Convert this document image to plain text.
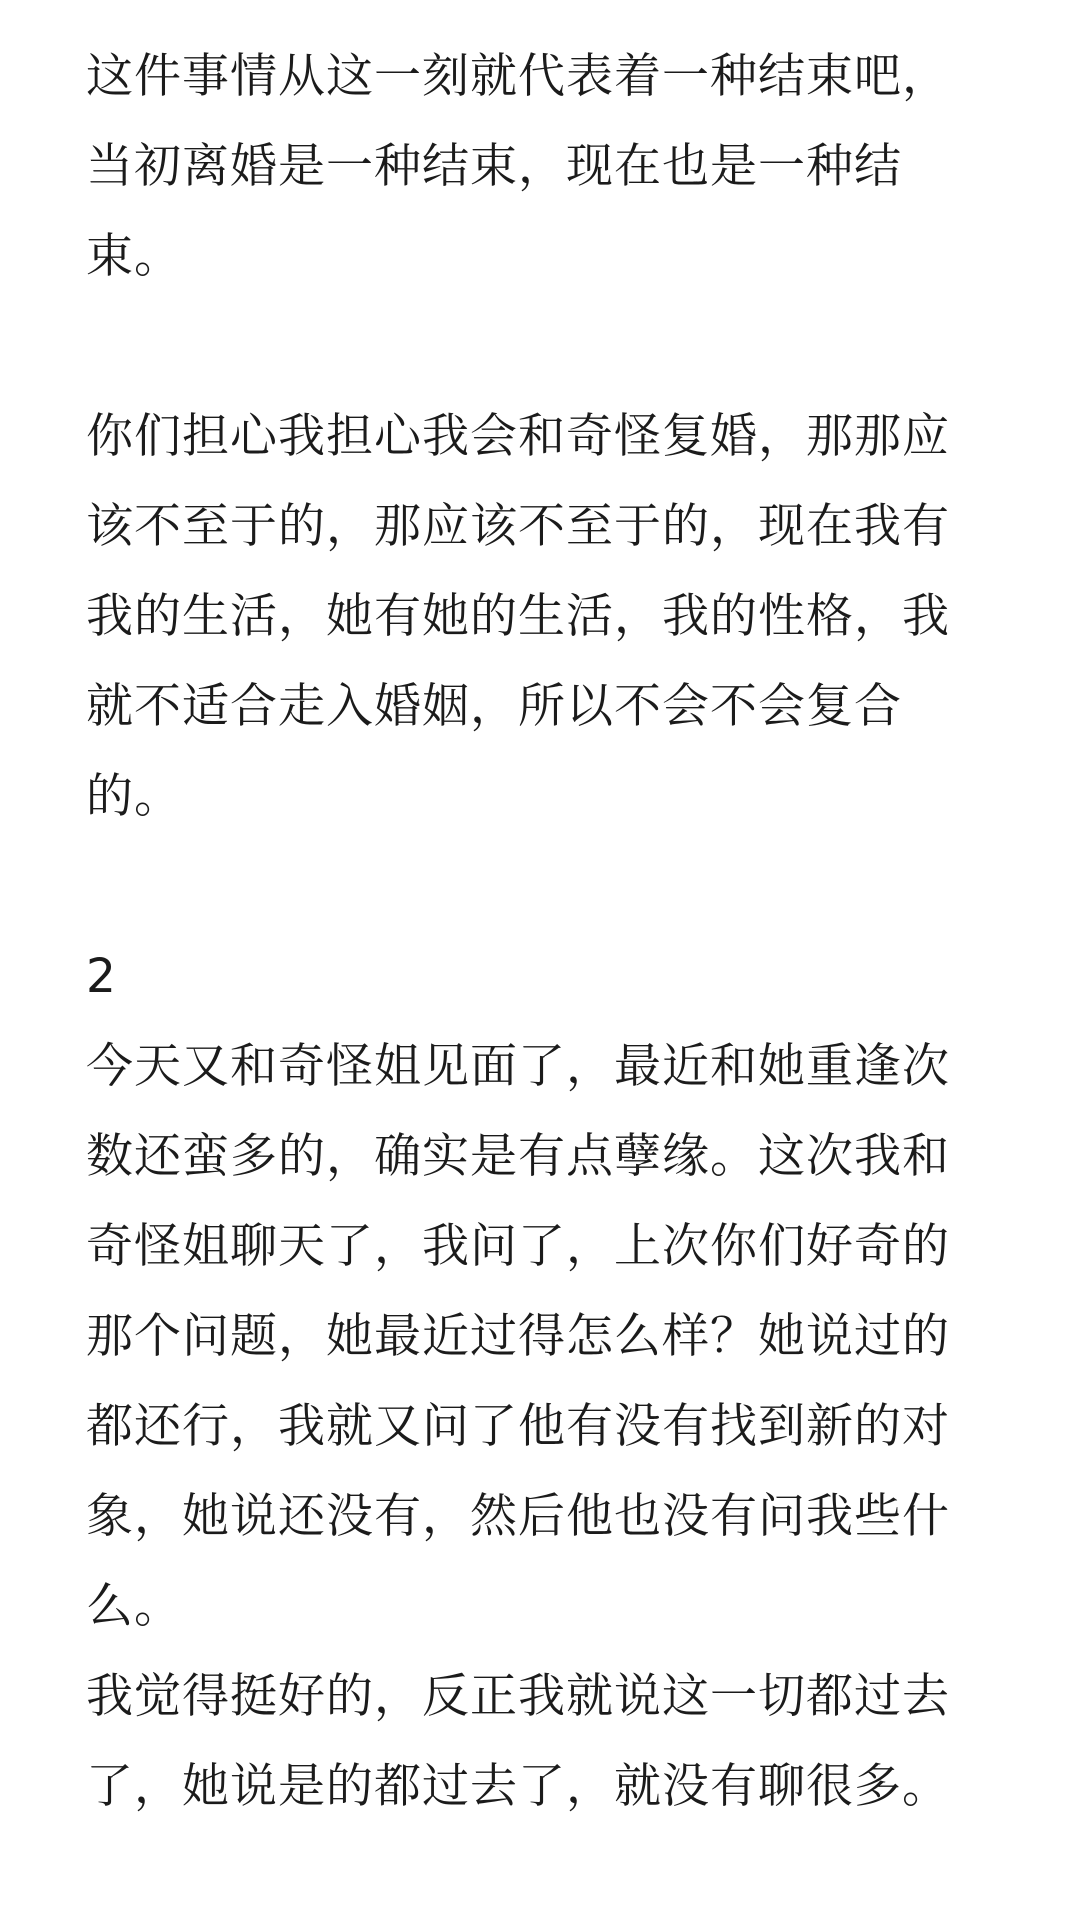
这件事情从这一刻就代表着一种结束吧，
当初离婚是一种结束，现在也是一种结
束。
你们担心我担心我会和奇怪复婚，那那应
该不至于的，那应该不至于的，现在我有
我的生活，她有她的生活，我的性格，我
就不适合走入婚姻，所以不会不会复合
的。
2
今天又和奇怪姐见面了，最近和她重逢次
数还蛮多的，确实是有点孽缘。这次我和
奇怪姐聊天了，我问了，上次你们好奇的
那个问题，她最近过得怎么样？她说过的
都还行，我就又问了他有没有找到新的对
象，她说还没有，然后他也没有问我些什
么。
我觉得挺好的，反正我就说这一切都过去
了，她说是的都过去了，就没有聊很多。
